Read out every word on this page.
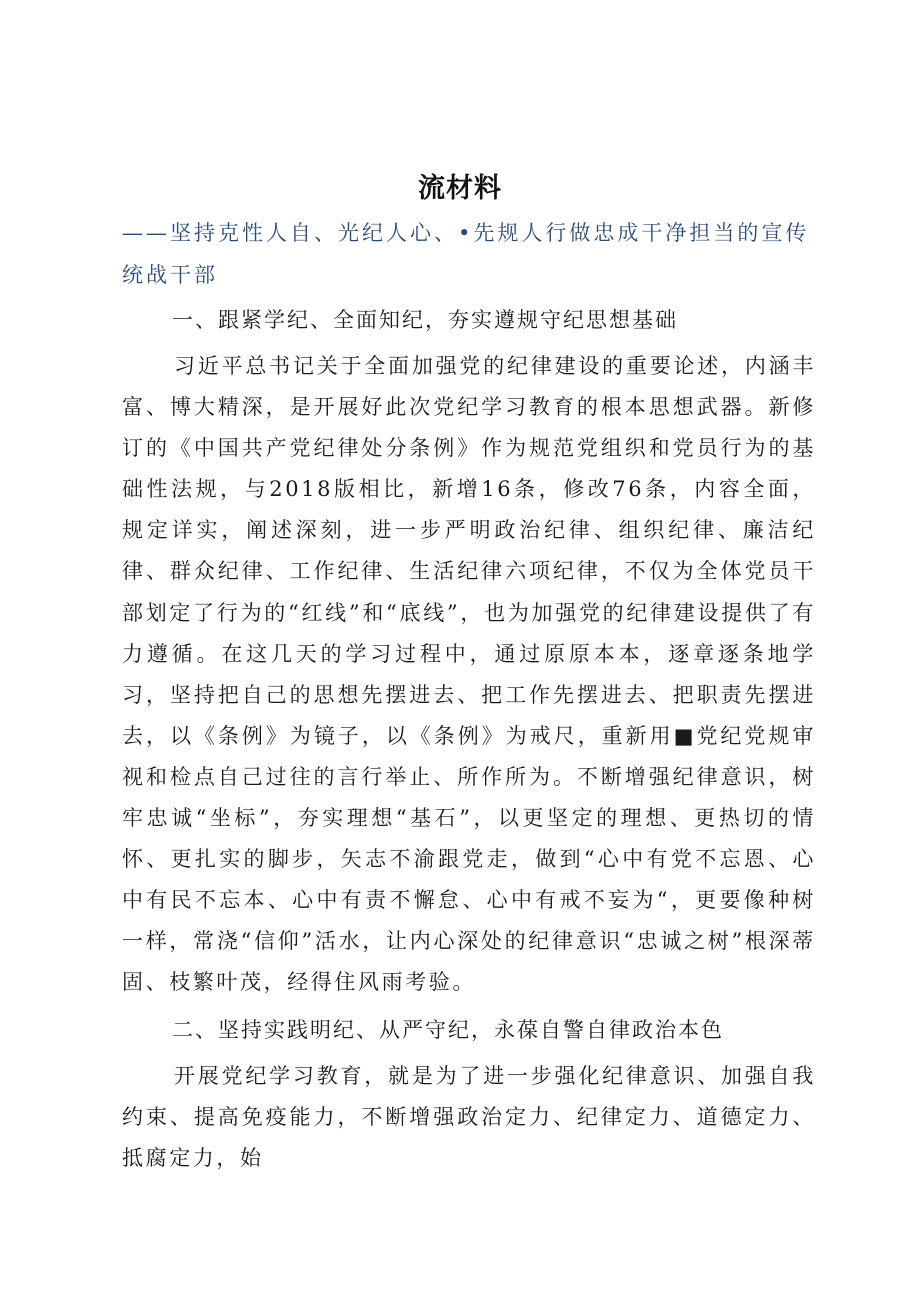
流材料
——坚持克性人自、光纪人心、•先规人行做忠成干净担当的宣传统战干部
一、跟紧学纪、全面知纪，夯实遵规守纪思想基础
习近平总书记关于全面加强党的纪律建设的重要论述，内涵丰富、博大精深，是开展好此次党纪学习教育的根本思想武器。新修订的《中国共产党纪律处分条例》作为规范党组织和党员行为的基础性法规，与2018版相比，新增16条，修改76条，内容全面，规定详实，阐述深刻，进一步严明政治纪律、组织纪律、廉洁纪律、群众纪律、工作纪律、生活纪律六项纪律，不仅为全体党员干部划定了行为的“红线”和“底线”，也为加强党的纪律建设提供了有力遵循。在这几天的学习过程中，通过原原本本，逐章逐条地学习，坚持把自己的思想先摆进去、把工作先摆进去、把职责先摆进去，以《条例》为镜子，以《条例》为戒尺，重新用■党纪党规审视和检点自己过往的言行举止、所作所为。不断增强纪律意识，树牢忠诚“坐标”，夯实理想“基石”，以更坚定的理想、更热切的情怀、更扎实的脚步，矢志不渝跟党走，做到“心中有党不忘恩、心中有民不忘本、心中有责不懈怠、心中有戒不妄为“，更要像种树一样，常浇“信仰”活水，让内心深处的纪律意识“忠诚之树”根深蒂固、枝繁叶茂，经得住风雨考验。
二、坚持实践明纪、从严守纪，永葆自警自律政治本色
开展党纪学习教育，就是为了进一步强化纪律意识、加强自我约束、提高免疫能力，不断增强政治定力、纪律定力、道德定力、抵腐定力，始
